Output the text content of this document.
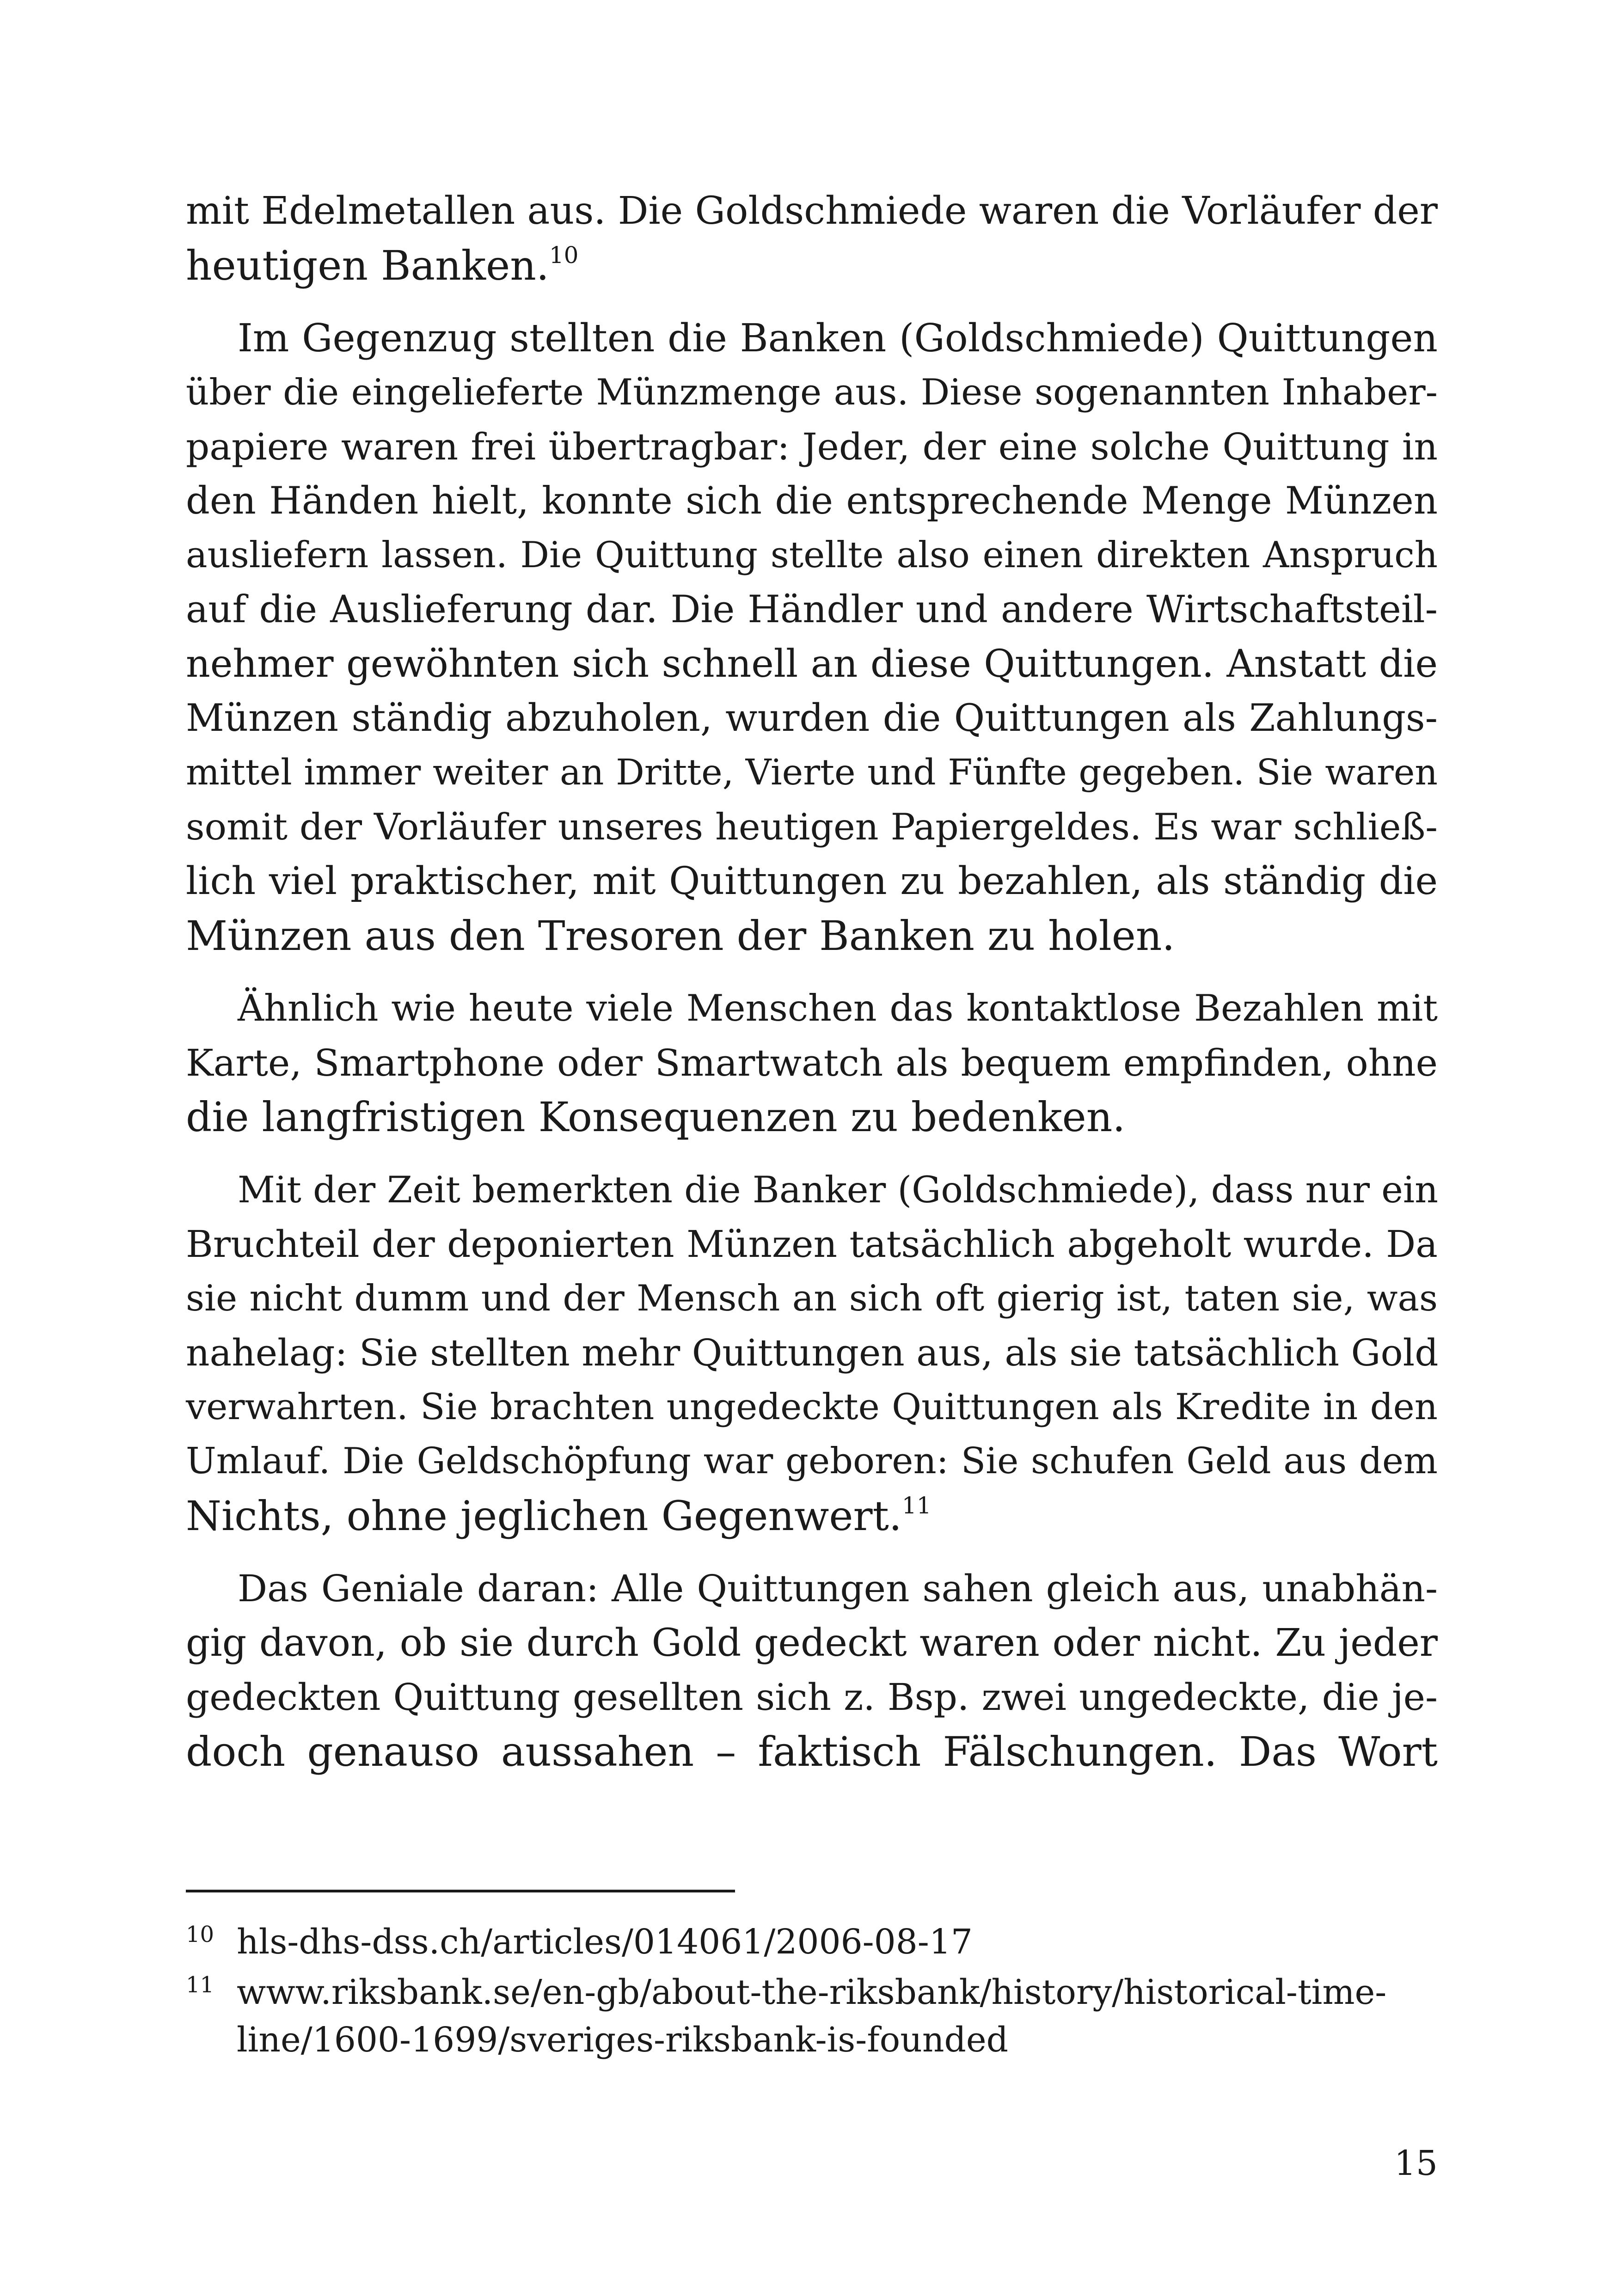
mit Edelmetallen aus. Die Goldschmiede waren die Vorläufer der
heutigen Banken.$^{10}$
Im Gegenzug stellten die Banken (Goldschmiede) Quittungen
über die eingelieferte Münzmenge aus. Diese sogenannten Inhaber-
papiere waren frei übertragbar: Jeder, der eine solche Quittung in
den Händen hielt, konnte sich die entsprechende Menge Münzen
ausliefern lassen. Die Quittung stellte also einen direkten Anspruch
auf die Auslieferung dar. Die Händler und andere Wirtschaftsteil-
nehmer gewöhnten sich schnell an diese Quittungen. Anstatt die
Münzen ständig abzuholen, wurden die Quittungen als Zahlungs-
mittel immer weiter an Dritte, Vierte und Fünfte gegeben. Sie waren
somit der Vorläufer unseres heutigen Papiergeldes. Es war schließ-
lich viel praktischer, mit Quittungen zu bezahlen, als ständig die
Münzen aus den Tresoren der Banken zu holen.
Ähnlich wie heute viele Menschen das kontaktlose Bezahlen mit
Karte, Smartphone oder Smartwatch als bequem empfinden, ohne
die langfristigen Konsequenzen zu bedenken.
Mit der Zeit bemerkten die Banker (Goldschmiede), dass nur ein
Bruchteil der deponierten Münzen tatsächlich abgeholt wurde. Da
sie nicht dumm und der Mensch an sich oft gierig ist, taten sie, was
nahelag: Sie stellten mehr Quittungen aus, als sie tatsächlich Gold
verwahrten. Sie brachten ungedeckte Quittungen als Kredite in den
Umlauf. Die Geldschöpfung war geboren: Sie schufen Geld aus dem
Nichts, ohne jeglichen Gegenwert.$^{11}$
Das Geniale daran: Alle Quittungen sahen gleich aus, unabhän-
gig davon, ob sie durch Gold gedeckt waren oder nicht. Zu jeder
gedeckten Quittung gesellten sich z. Bsp. zwei ungedeckte, die je-
doch genauso aussahen – faktisch Fälschungen. Das Wort
10 hls-dhs-dss.ch/articles/014061/2006-08-17
11 www.riksbank.se/en-gb/about-the-riksbank/history/historical-time-
line/1600-1699/sveriges-riksbank-is-founded
15
